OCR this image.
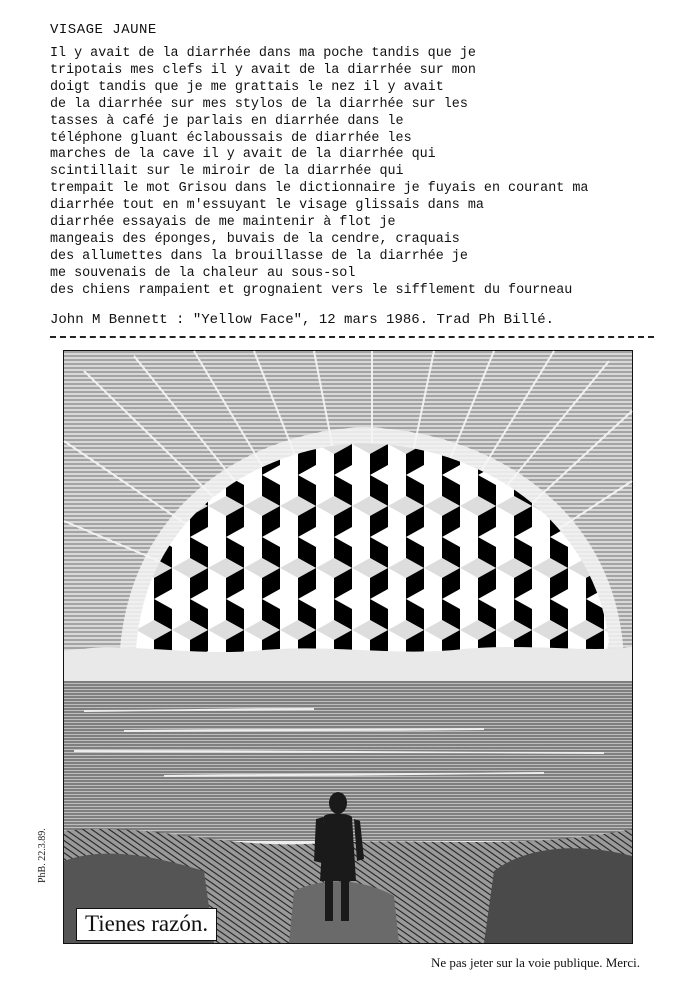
VISAGE JAUNE
Il y avait de la diarrhée dans ma poche tandis que je
tripotais mes clefs il y avait de la diarrhée sur mon
doigt tandis que je me grattais le nez il y avait
de la diarrhée sur mes stylos de la diarrhée sur les
tasses à café je parlais en diarrhée dans le
téléphone gluant éclaboussais de diarrhée les
marches de la cave il y avait de la diarrhée qui
scintillait sur le miroir de la diarrhée qui
trempait le mot Grisou dans le dictionnaire je fuyais en courant ma
diarrhée tout en m'essuyant le visage glissais dans ma
diarrhée essayais de me maintenir à flot je
mangeais des éponges, buvais de la cendre, craquais
des allumettes dans la brouillasse de la diarrhée je
me souvenais de la chaleur au sous-sol
des chiens rampaient et grognaient vers le sifflement du fourneau
John M Bennett : "Yellow Face", 12 mars 1986. Trad Ph Billé.
PhB. 22.3.89.
Tienes razón.
Ne pas jeter sur la voie publique. Merci.
